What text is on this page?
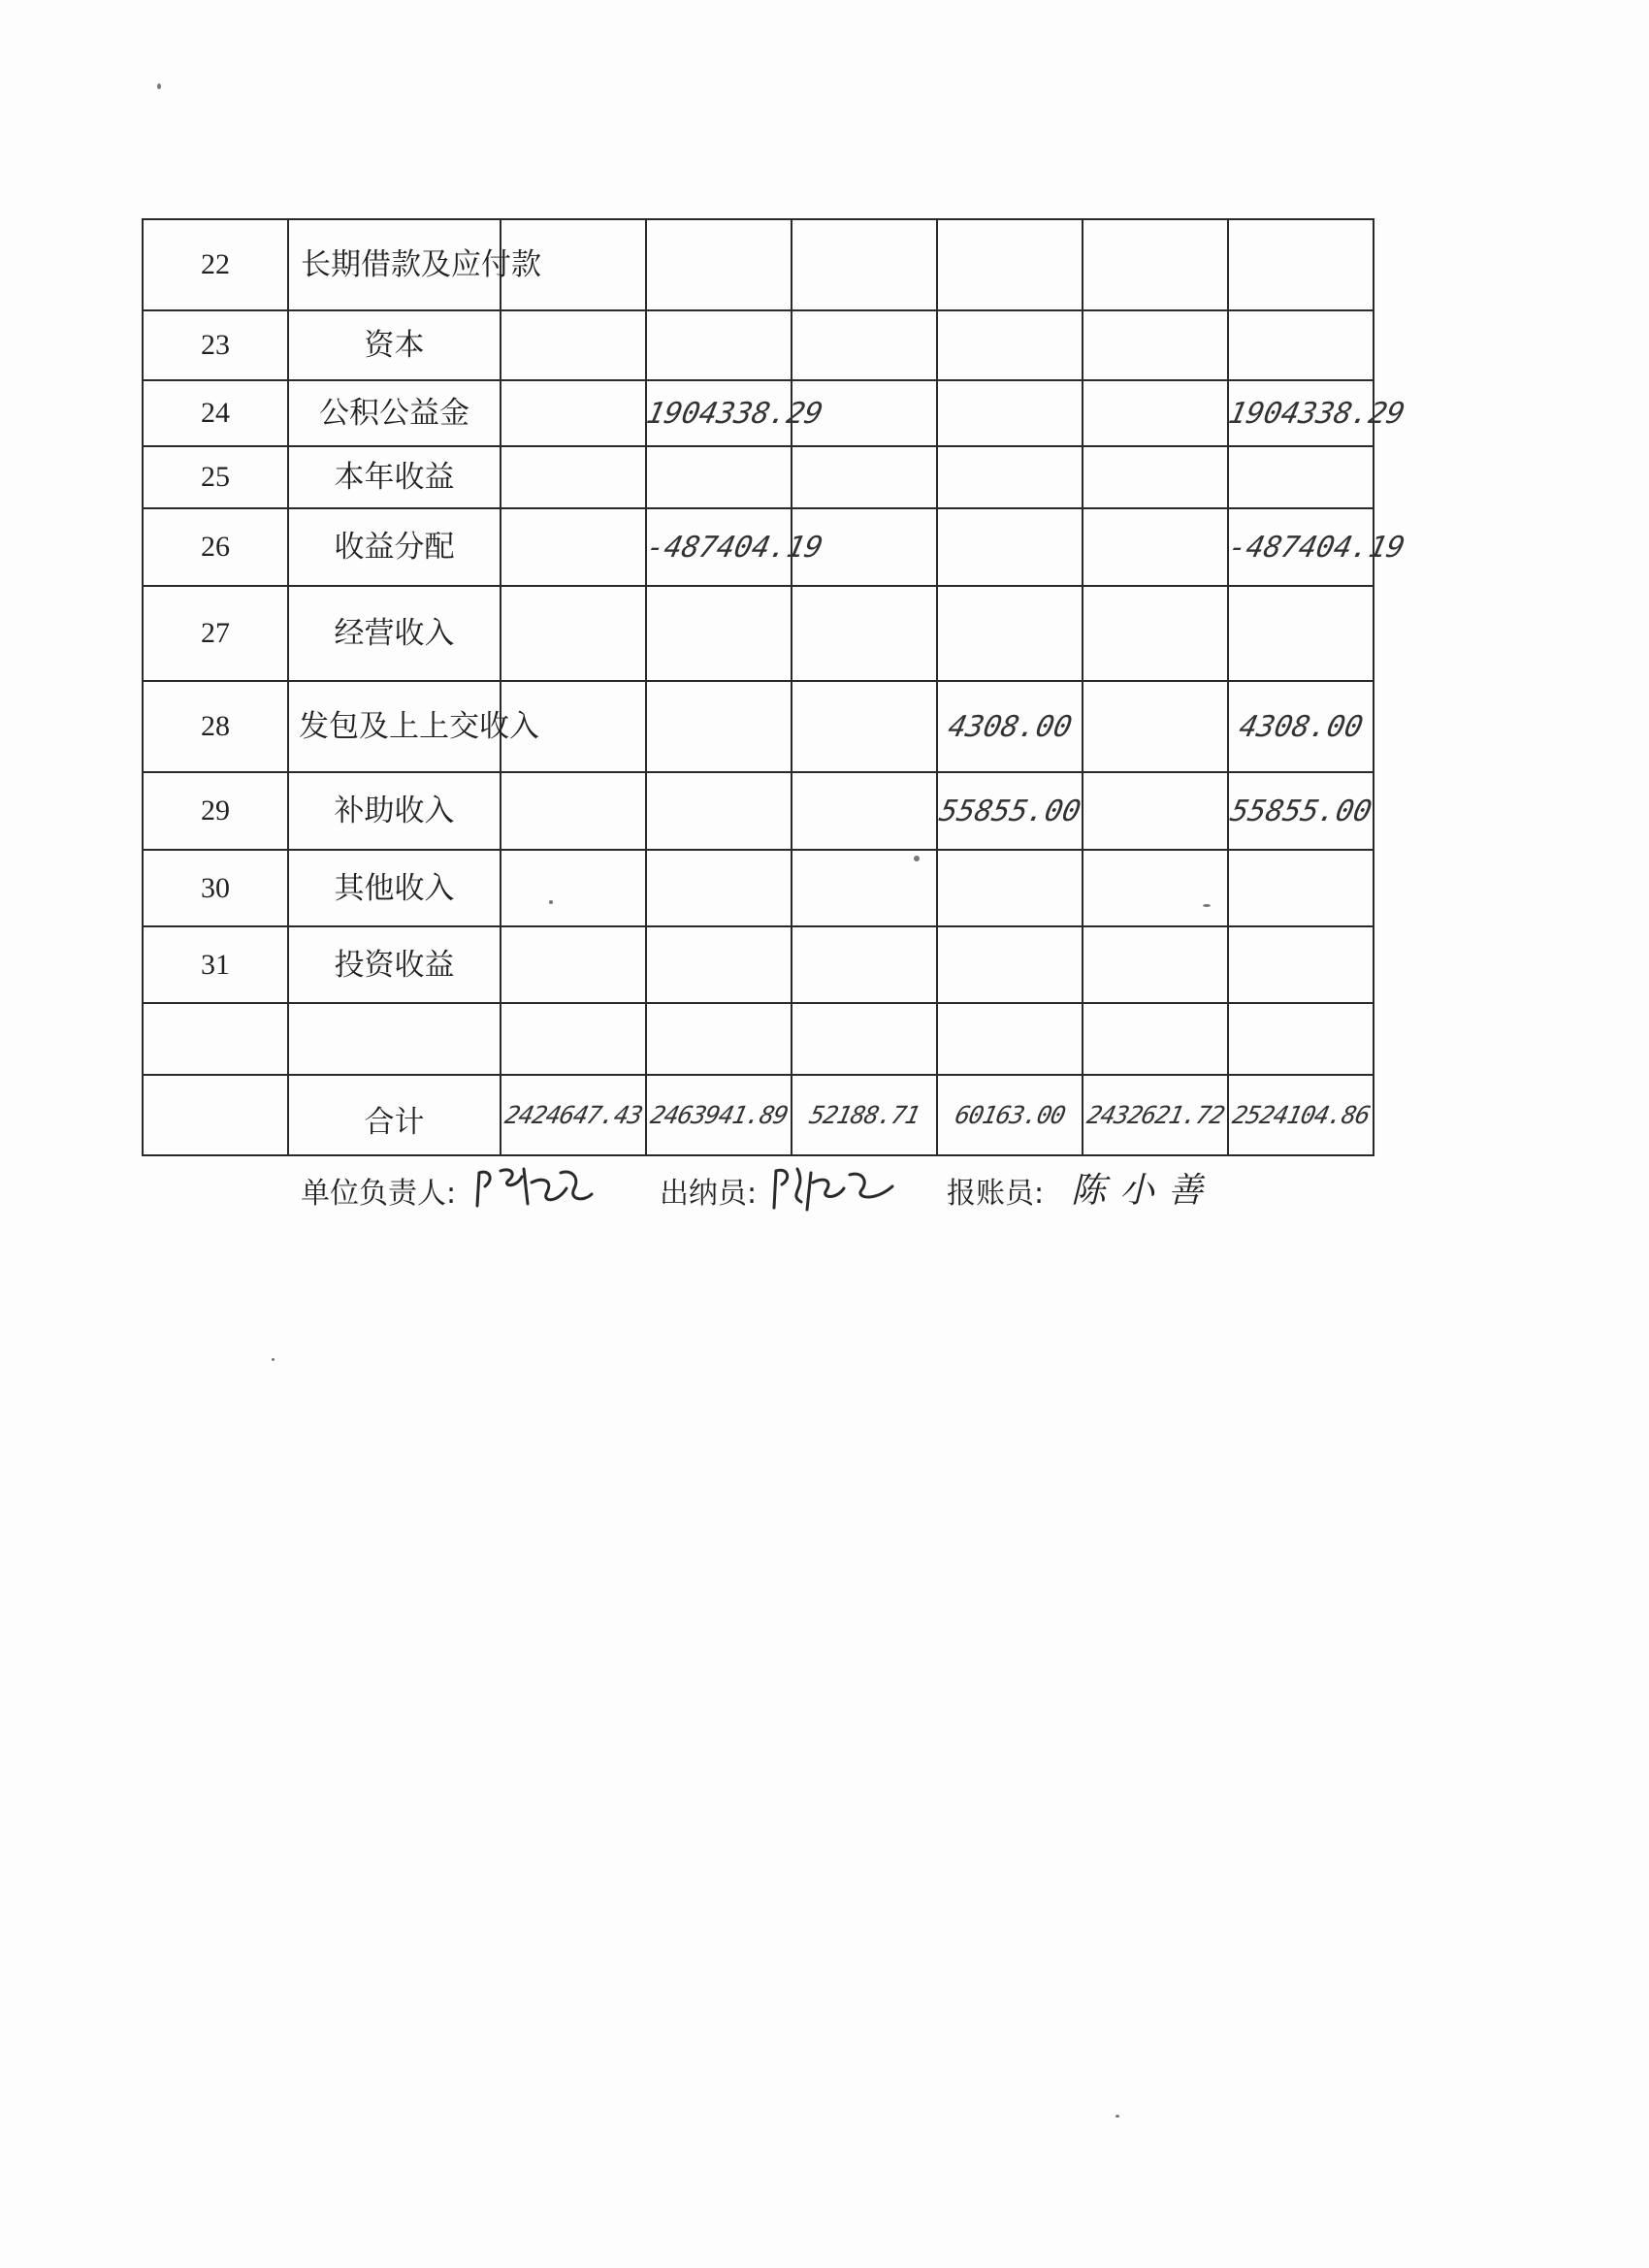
22	长期借款及应付款						
23	资本						
24	公积公益金		1904338.29				1904338.29
25	本年收益						
26	收益分配		-487404.19				-487404.19
27	经营收入						
28	发包及上上交收入				4308.00		4308.00
29	补助收入				55855.00		55855.00
30	其他收入						
31	投资收益						

	合计	2424647.43	2463941.89	52188.71	60163.00	2432621.72	2524104.86
单位负责人:	出纳员:	报账员: 陈小善
